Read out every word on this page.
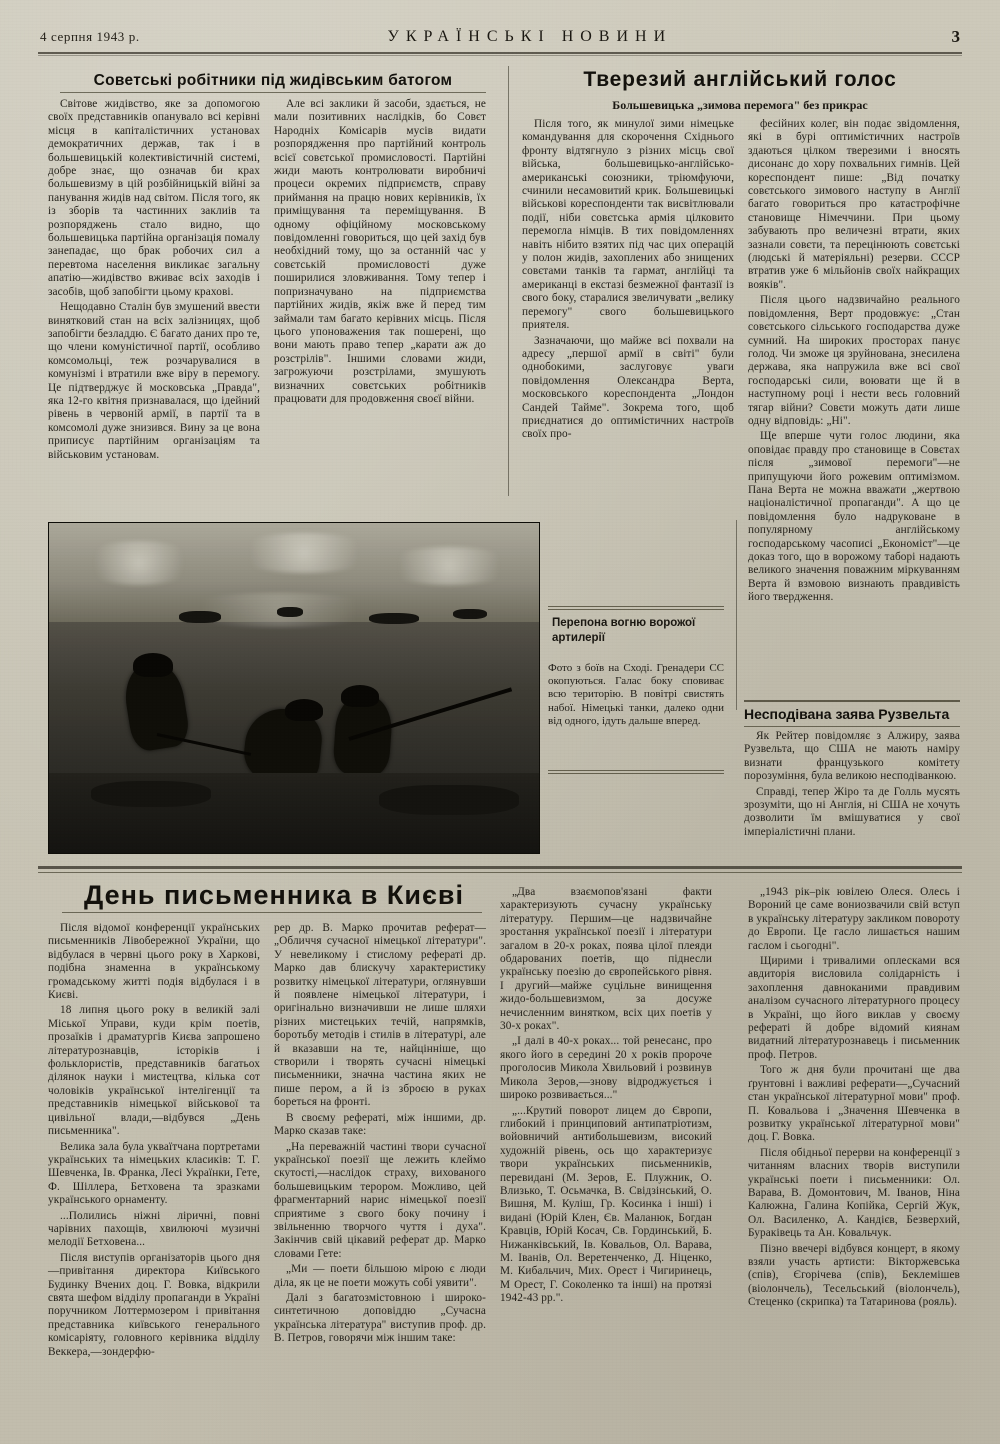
4 серпня 1943 р.	УКРАЇНСЬКІ НОВИНИ	3
Советські робітники під жидівським батогом

Світове жидівство, яке за допомогою своїх представників опанувало всі керівні місця в капіталістичних установах демократичних держав, так і в большевицькій колективістичній системі, добре знає, що означав би крах большевизму в цій розбійницькій війні за панування жидів над світом. Після того, як із зборів та частинних заклиів та розпоряджень стало видно, що большевицька партійна організація помалу занепадає, що брак робочих сил а перевтома населення викликає загальну апатію—жидівство вживає всіх заходів і засобів, щоб запобігти цьому крахові.

Нещодавно Сталін був змушений ввести винятковий стан на всіх залізницях, щоб запобігти безладдю. Є багато даних про те, що члени комуністичної партії, особливо комсомольці, теж розчарувалися в комунізмі і втратили вже віру в перемогу. Це підтверджує й московська „Правда", яка 12-го квітня признавалася, що ідейний рівень в червоній армії, в партії та в комсомолі дуже знизився. Вину за це вона приписує партійним організаціям та військовим установам.

Але всі заклики й засоби, здається, не мали позитивних наслідків, бо Совєт Народніх Комісарів мусів видати розпорядження про партійний контроль всієї совєтської промисловості. Партійні жиди мають контролювати виробничі процеси окремих підприємств, справу приймання на працю нових керівників, їх приміщування та переміщування. В одному офіційному московському повідомленні говориться, що цей захід був необхідний тому, що за останній час у совєтській промисловості дуже поширилися зловживання. Тому тепер і попризначувано на підприємства партійних жидів, якіж вже й перед тим займали там багато керівних місць. Після цього упоноважения так пошерені, що вони мають право тепер „карати аж до розстрілів". Іншими словами жиди, загрожуючи розстрілами, змушують визначних совєтських робітників працювати для продовження своєї війни.

Тверезий англійський голос
Большевицька „зимова перемога" без прикрас

Після того, як минулої зими німецьке командування для скорочення Східнього фронту відтягнуло з різних місць свої війська, большевицько-англійсько-американські союзники, тріюмфуючи, счинили несамовитий крик. Большевицькі військові кореспонденти так висвітлювали події, ніби совєтська армія цілковито перемогла німців. В тих повідомленнях навіть нібито взятих під час цих операцій у полон жидів, захоплених або знищених совєтами танків та гармат, англійці та американці в екстазі безмежної фантазії із свого боку, старалися звеличувати „велику перемогу" свого большевицького приятеля.

Зазначаючи, що майже всі похвали на адресу „першої армії в світі" були однобокими, заслуговує уваги повідомлення Олександра Верта, московського кореспондента „Лондон Сандей Тайме". Зокрема того, щоб приєднатися до оптимістичних настроїв своїх про-

фесійних колег, він подає звідомлення, які в бурі оптимістичних настроїв здаються цілком тверезими і вносять дисонанс до хору похвальних гимнів. Цей кореспондент пише: „Від початку совєтського зимового наступу в Англії багато говориться про катастрофічне становище Німеччини. При цьому забувають про величезні втрати, яких зазнали совєти, та перецінюють совєтські (людські й матеріяльні) резерви. СССР втратив уже 6 мільйонів своїх найкращих вояків".

Після цього надзвичайно реального повідомлення, Верт продовжує: „Стан совєтського сільського господарства дуже сумний. На широких просторах панує голод. Чи зможе ця зруйнована, знесилена держава, яка напружила вже всі свої господарські сили, воювати ще й в наступному році і нести весь головний тягар війни? Совєти можуть дати лише одну відповідь: „Ні".

Ще вперше чути голос людини, яка оповідає правду про становище в Совєтах після „зимової перемоги"—не припущуючи його рожевим оптимізмом. Пана Верта не можна вважати „жертвою націоналістичної пропаганди". А що це повідомлення було надруковане в популярному англійському господарському часописі „Економіст"—це доказ того, що в ворожому таборі надають великого значення поважним міркуванням Верта й взмовою визнають правдивість його твердження.

Перепона вогню ворожої артилерії
Фото з боїв на Сході. Гренадери СС окопуються. Галас боку сповиває всю територію. В повітрі свистять набої. Німецькі танки, далеко одни від одного, ідуть дальше вперед.	Несподівана заява Рузвельта

Як Рейтер повідомляє з Алжиру, заява Рузвельта, що США не мають наміру визнати французького комітету порозуміння, була великою несподіванкою.

Справді, тепер Жіро та де Голль мусять зрозуміти, що ні Англія, ні США не хочуть дозволити їм вмішуватися у свої імперіалістичні плани.

День письменника в Києві

Після відомої конференції українських письменників Лівобережної України, що відбулася в червні цього року в Харкові, подібна знаменна в українському громадському житті подія відбулася і в Києві.

18 липня цього року в великій залі Міської Управи, куди крім поетів, прозаїків і драматургів Києва запрошено літературознавців, історіків і фольклористів, представників багатьох ділянок науки і мистецтва, кілька сот чоловіків української інтелігенції та представників німецької військової та цивільної влади,—відбувся „День письменника".

Велика зала була укваїтчана портретами українських та німецьких класиків: Т. Г. Шевченка, Ів. Франка, Лесі Українки, Гете, Ф. Шіллера, Бетховена та зразками українського орнаменту.

...Полились ніжні ліричні, повні чарівних пахощів, хвилюючі музичні мелодії Бетховена...

Після виступів організаторів цього дня—привітання директора Київського Будинку Вчених доц. Г. Вовка, відкрили свята шефом відділу пропаганди в Україні поручником Лоттермозером і привітання представника київського генерального комісаріяту, головного керівника відділу Веккера,—зондерфю-

рер др. В. Марко прочитав реферат—„Обличчя сучасної німецької літератури". У невеликому і стислому рефераті др. Марко дав блискучу характеристику розвитку німецької літератури, оглянувши й появлене німецької літератури, і оригінально визначивши не лише шляхи різних мистецьких течій, напрямків, боротьбу методів і стилів в літературі, але й вказавши на те, найцінніше, що створили і творять сучасні німецькі письменники, значна частина яких не пише пером, а й із зброєю в руках бореться на фронті.

В своєму рефераті, між іншими, др. Марко сказав таке:

„На переважній частині твори сучасної української поезії ще лежить клеймо скутості,—наслідок страху, вихованого большевицьким терором. Можливо, цей фрагментарний нарис німецької поезії сприятиме з свого боку почину і звільненню творчого чуття і духа". Закінчив свій цікавий реферат др. Марко словами Гете:

„Ми — поети більшою мірою є люди діла, як це не поети можуть собі уявити".

Далі з багатозмістовною і широко-синтетичною доповіддю „Сучасна українська література" виступив проф. др. В. Петров, говорячи між іншим таке:

„Два взаємопов'язані факти характеризують сучасну українську літературу. Першим—це надзвичайне зростання української поезії і літератури загалом в 20-х роках, поява цілої плеяди обдарованих поетів, що піднесли українську поезію до європейського рівня. І другий—майже суцільне винищення жидо-большевизмом, за досуже нечисленним винятком, всіх цих поетів у 30-х роках".

„І далі в 40-х роках... той ренесанс, про якого його в середині 20 х років пророче проголосив Микола Хвильовий і розвинув Микола Зеров,—знову відроджується і широко розвивається..."

„...Крутий поворот лицем до Європи, глибокий і принциповий антипатріотизм, войовничий антибольшевизм, високий художній рівень, ось що характеризує твори українських письменників, перевидані (М. Зеров, Е. Плужник, О. Влизько, Т. Осьмачка, В. Свідзінський, О. Вишня, М. Куліш, Гр. Косинка і інші) і видані (Юрій Клен, Єв. Маланюк, Богдан Кравців, Юрій Косач, Св. Гординський, Б. Нижанківський, Ів. Ковальов, Ол. Варава, М. Іванів, Ол. Веретенченко, Д. Ніценко, М. Кибальчич, Мих. Орест і Чигиринець, М Орест, Г. Соколенко та інші) на протязі 1942-43 рр.".

„1943 рік–рік ювілею Олеся. Олесь і Вороний це саме вониозвачили свій вступ в українську літературу закликом повороту до Европи. Це гасло лишається нашим гаслом і сьогодні".

Щирими і тривалими оплесками вся авдиторія висловила солідарність і захоплення давноканими правдивим аналізом сучасного літературного процесу в Україні, що його виклав у своєму рефераті й добре відомий киянам видатний літературознавець і письменник проф. Петров.

Того ж дня були прочитані ще два ґрунтовні і важливі реферати—„Сучасний стан української літературної мови" проф. П. Ковальова і „Значення Шевченка в розвитку української літературної мови" доц. Г. Вовка.

Після обідньої перерви на конференції з читанням власних творів виступили українські поети і письменники: Ол. Варава, В. Домонтович, М. Іванов, Ніна Калюжна, Галина Копійка, Сергій Жук, Ол. Василенко, А. Кандієв, Безверхий, Бураківець та Ан. Ковальчук.

Пізно ввечері відбувся концерт, в якому взяли участь артисти: Вікторжевська (спів), Єгорічева (спів), Беклемішев (віолончель), Тесельський (віолончель), Стеценко (скрипка) та Татаринова (рояль).
